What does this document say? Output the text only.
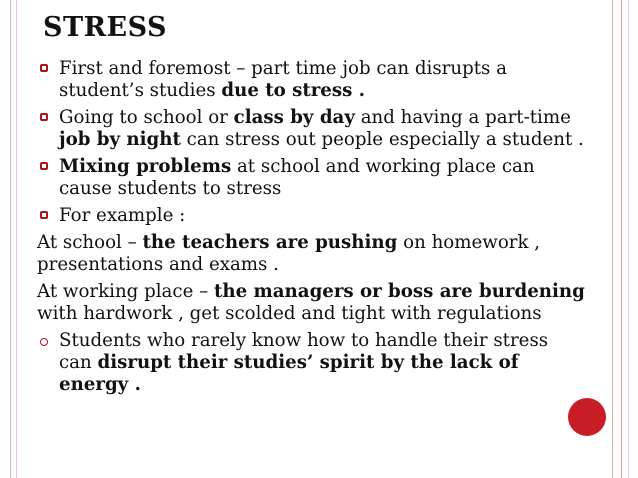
STRESS
First and foremost – part time job can disrupts a student’s studies due to stress .
Going to school or class by day and having a part-time job by night can stress out people especially a student .
Mixing problems at school and working place can cause students to stress
For example :
At school – the teachers are pushing on homework , presentations and exams .
At working place – the managers or boss are burdening with hardwork , get scolded and tight with regulations
Students who rarely know how to handle their stress can disrupt their studies’ spirit by the lack of energy .
